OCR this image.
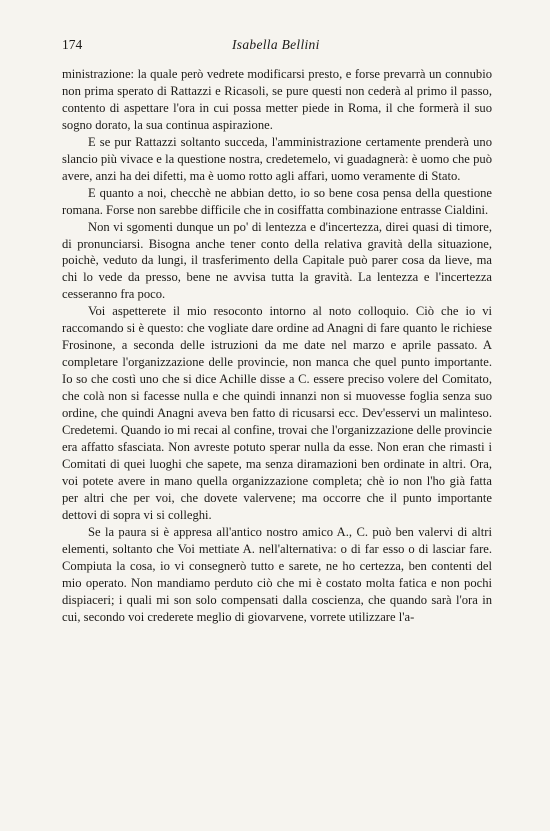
174	Isabella Bellini

ministrazione: la quale però vedrete modificarsi presto, e forse prevarrà un connubio non prima sperato di Rattazzi e Ricasoli, se pure questi non cederà al primo il passo, contento di aspettare l'ora in cui possa metter piede in Roma, il che formerà il suo sogno dorato, la sua continua aspirazione.

E se pur Rattazzi soltanto succeda, l'amministrazione certamente prenderà uno slancio più vivace e la questione nostra, credetemelo, vi guadagnerà: è uomo che può avere, anzi ha dei difetti, ma è uomo rotto agli affari, uomo veramente di Stato.

E quanto a noi, checchè ne abbian detto, io so bene cosa pensa della questione romana. Forse non sarebbe difficile che in cosiffatta combinazione entrasse Cialdini.

Non vi sgomenti dunque un po' di lentezza e d'incertezza, direi quasi di timore, di pronunciarsi. Bisogna anche tener conto della relativa gravità della situazione, poichè, veduto da lungi, il trasferimento della Capitale può parer cosa da lieve, ma chi lo vede da presso, bene ne avvisa tutta la gravità. La lentezza e l'incertezza cesseranno fra poco.

Voi aspetterete il mio resoconto intorno al noto colloquio. Ciò che io vi raccomando si è questo: che vogliate dare ordine ad Anagni di fare quanto le richiese Frosinone, a seconda delle istruzioni da me date nel marzo e aprile passato. A completare l'organizzazione delle provincie, non manca che quel punto importante. Io so che costì uno che si dice Achille disse a C. essere preciso volere del Comitato, che colà non si facesse nulla e che quindi innanzi non si muovesse foglia senza suo ordine, che quindi Anagni aveva ben fatto di ricusarsi ecc. Dev'esservi un malinteso. Credetemi. Quando io mi recai al confine, trovai che l'organizzazione delle provincie era affatto sfasciata. Non avreste potuto sperar nulla da esse. Non eran che rimasti i Comitati di quei luoghi che sapete, ma senza diramazioni ben ordinate in altri. Ora, voi potete avere in mano quella organizzazione completa; chè io non l'ho già fatta per altri che per voi, che dovete valervene; ma occorre che il punto importante dettovi di sopra vi si colleghi.

Se la paura si è appresa all'antico nostro amico A., C. può ben valervi di altri elementi, soltanto che Voi mettiate A. nell'alternativa: o di far esso o di lasciar fare. Compiuta la cosa, io vi consegnerò tutto e sarete, ne ho certezza, ben contenti del mio operato. Non mandiamo perduto ciò che mi è costato molta fatica e non pochi dispiaceri; i quali mi son solo compensati dalla coscienza, che quando sarà l'ora in cui, secondo voi crederete meglio di giovarvene, vorrete utilizzare l'a-
